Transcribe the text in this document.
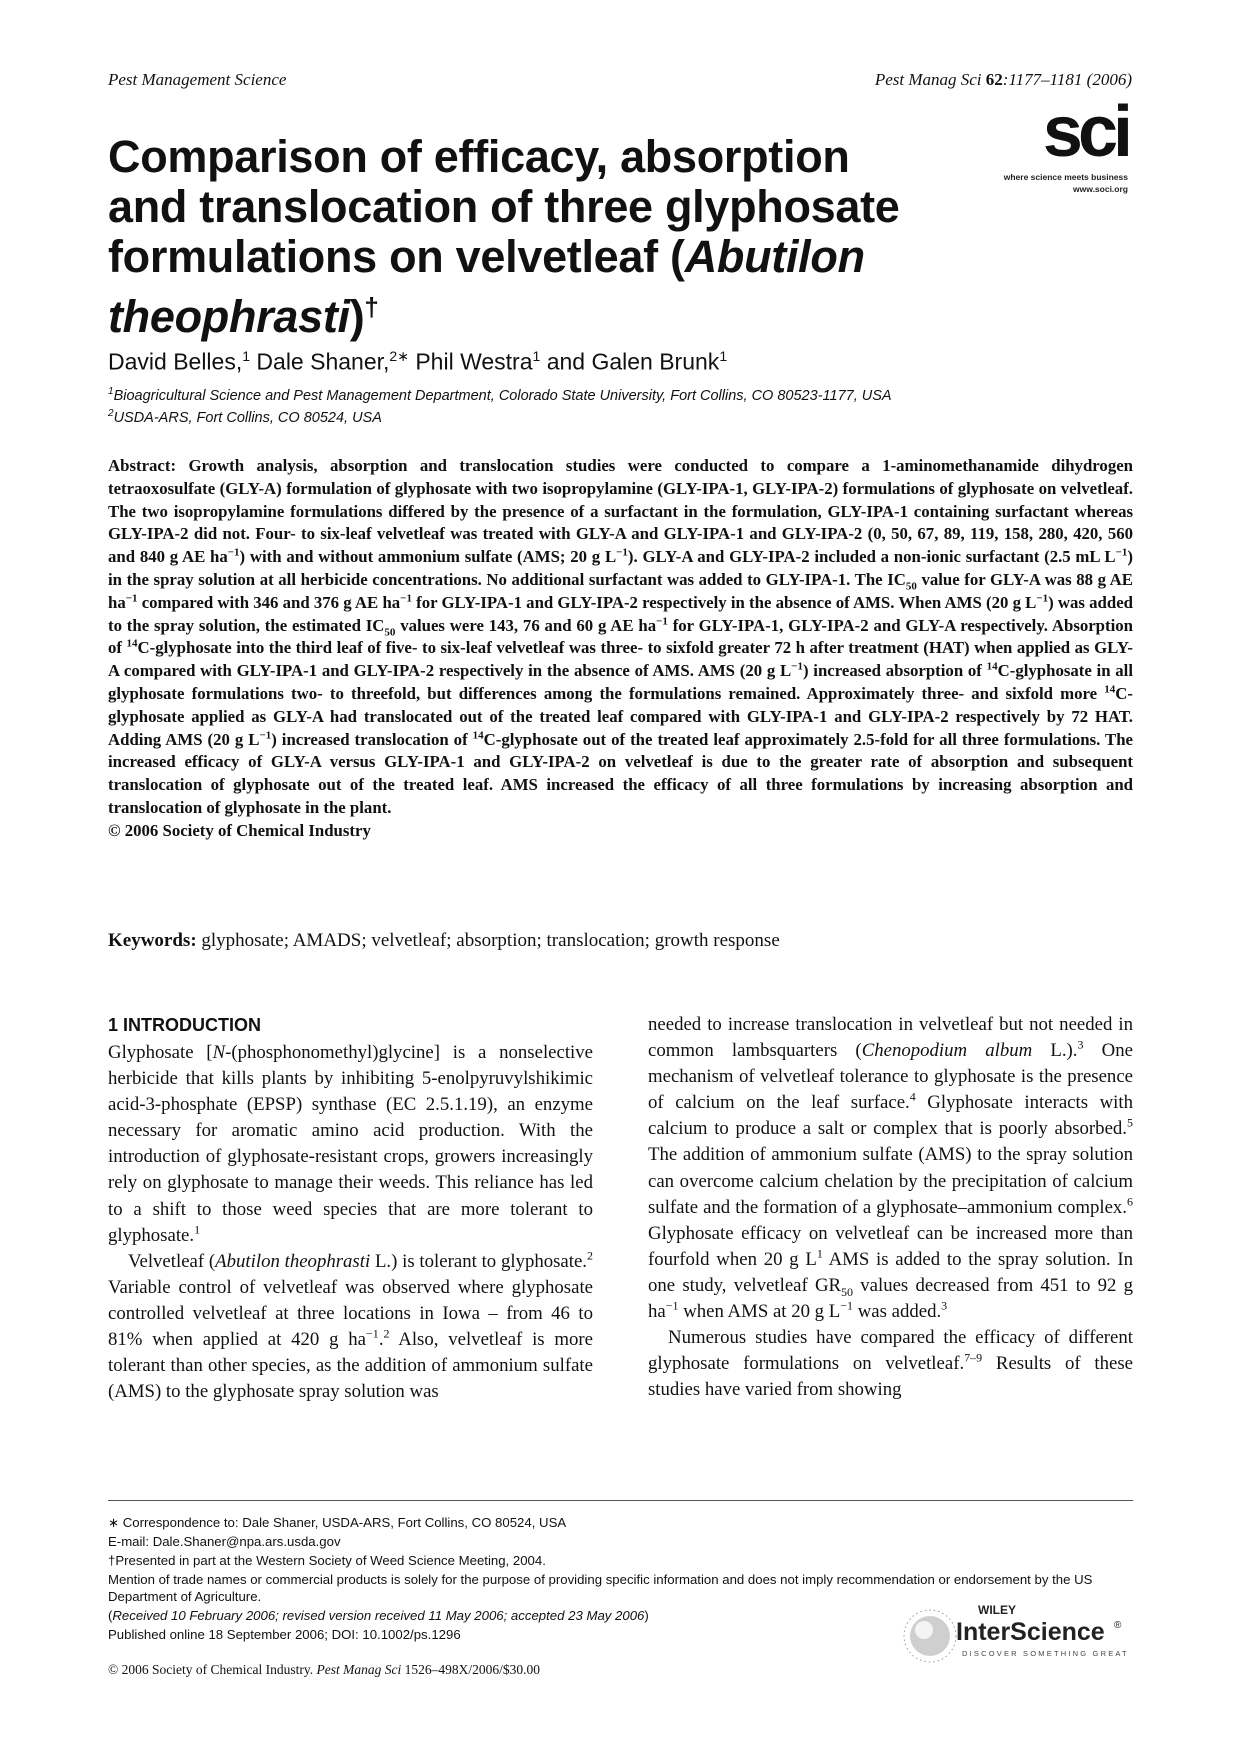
Pest Management Science	Pest Manag Sci 62:1177–1181 (2006)
sci
where science meets business
www.soci.org
Comparison of efficacy, absorption
and translocation of three glyphosate
formulations on velvetleaf (Abutilon
theophrasti)†
David Belles,$^1$ Dale Shaner,$^{2∗}$ Phil Westra$^1$ and Galen Brunk$^1$
$^1$Bioagricultural Science and Pest Management Department, Colorado State University, Fort Collins, CO 80523-1177, USA
$^2$USDA-ARS, Fort Collins, CO 80524, USA
Abstract: Growth analysis, absorption and translocation studies were conducted to compare a 1-aminomethanamide dihydrogen tetraoxosulfate (GLY-A) formulation of glyphosate with two isopropylamine (GLY-IPA-1, GLY-IPA-2) formulations of glyphosate on velvetleaf. The two isopropylamine formulations differed by the presence of a surfactant in the formulation, GLY-IPA-1 containing surfactant whereas GLY-IPA-2 did not. Four- to six-leaf velvetleaf was treated with GLY-A and GLY-IPA-1 and GLY-IPA-2 (0, 50, 67, 89, 119, 158, 280, 420, 560 and 840 g AE $ha^{-1}$) with and without ammonium sulfate (AMS; 20 g $L^{-1}$). GLY-A and GLY-IPA-2 included a non-ionic surfactant (2.5 mL $L^{-1}$) in the spray solution at all herbicide concentrations. No additional surfactant was added to GLY-IPA-1. The $IC_{50}$ value for GLY-A was 88 g AE $ha^{-1}$ compared with 346 and 376 g AE $ha^{-1}$ for GLY-IPA-1 and GLY-IPA-2 respectively in the absence of AMS. When AMS (20 g $L^{-1}$) was added to the spray solution, the estimated $IC_{50}$ values were 143, 76 and 60 g AE $ha^{-1}$ for GLY-IPA-1, GLY-IPA-2 and GLY-A respectively. Absorption of $^{14}$C-glyphosate into the third leaf of five- to six-leaf velvetleaf was three- to sixfold greater 72 h after treatment (HAT) when applied as GLY-A compared with GLY-IPA-1 and GLY-IPA-2 respectively in the absence of AMS. AMS (20 g $L^{-1}$) increased absorption of $^{14}$C-glyphosate in all glyphosate formulations two- to threefold, but differences among the formulations remained. Approximately three- and sixfold more $^{14}$C-glyphosate applied as GLY-A had translocated out of the treated leaf compared with GLY-IPA-1 and GLY-IPA-2 respectively by 72 HAT. Adding AMS (20 g $L^{-1}$) increased translocation of $^{14}$C-glyphosate out of the treated leaf approximately 2.5-fold for all three formulations. The increased efficacy of GLY-A versus GLY-IPA-1 and GLY-IPA-2 on velvetleaf is due to the greater rate of absorption and subsequent translocation of glyphosate out of the treated leaf. AMS increased the efficacy of all three formulations by increasing absorption and translocation of glyphosate in the plant.
© 2006 Society of Chemical Industry
Keywords: glyphosate; AMADS; velvetleaf; absorption; translocation; growth response
1 INTRODUCTION

Glyphosate [N-(phosphonomethyl)glycine] is a nonselective herbicide that kills plants by inhibiting 5-enolpyruvylshikimic acid-3-phosphate (EPSP) synthase (EC 2.5.1.19), an enzyme necessary for aromatic amino acid production. With the introduction of glyphosate-resistant crops, growers increasingly rely on glyphosate to manage their weeds. This reliance has led to a shift to those weed species that are more tolerant to glyphosate.$^1$

Velvetleaf (Abutilon theophrasti L.) is tolerant to glyphosate.$^2$ Variable control of velvetleaf was observed where glyphosate controlled velvetleaf at three locations in Iowa – from 46 to 81% when applied at 420 g $ha^{-1}.^2$ Also, velvetleaf is more tolerant than other species, as the addition of ammonium sulfate (AMS) to the glyphosate spray solution was

needed to increase translocation in velvetleaf but not needed in common lambsquarters (Chenopodium album L.).$^3$ One mechanism of velvetleaf tolerance to glyphosate is the presence of calcium on the leaf surface.$^4$ Glyphosate interacts with calcium to produce a salt or complex that is poorly absorbed.$^5$ The addition of ammonium sulfate (AMS) to the spray solution can overcome calcium chelation by the precipitation of calcium sulfate and the formation of a glyphosate–ammonium complex.$^6$ Glyphosate efficacy on velvetleaf can be increased more than fourfold when 20 g $L^1$ AMS is added to the spray solution. In one study, velvetleaf $GR_{50}$ values decreased from 451 to 92 g $ha^{-1}$ when AMS at 20 g $L^{-1}$ was added.$^3$

Numerous studies have compared the efficacy of different glyphosate formulations on velvetleaf.$^{7-9}$ Results of these studies have varied from showing

∗ Correspondence to: Dale Shaner, USDA-ARS, Fort Collins, CO 80524, USA
E-mail: Dale.Shaner@npa.ars.usda.gov
†Presented in part at the Western Society of Weed Science Meeting, 2004.
Mention of trade names or commercial products is solely for the purpose of providing specific information and does not imply recommendation or endorsement by the US Department of Agriculture.
(Received 10 February 2006; revised version received 11 May 2006; accepted 23 May 2006)
Published online 18 September 2006; DOI: 10.1002/ps.1296
© 2006 Society of Chemical Industry. Pest Manag Sci 1526–498X/2006/$30.00
WILEY
InterScience ®
DISCOVER SOMETHING GREAT
